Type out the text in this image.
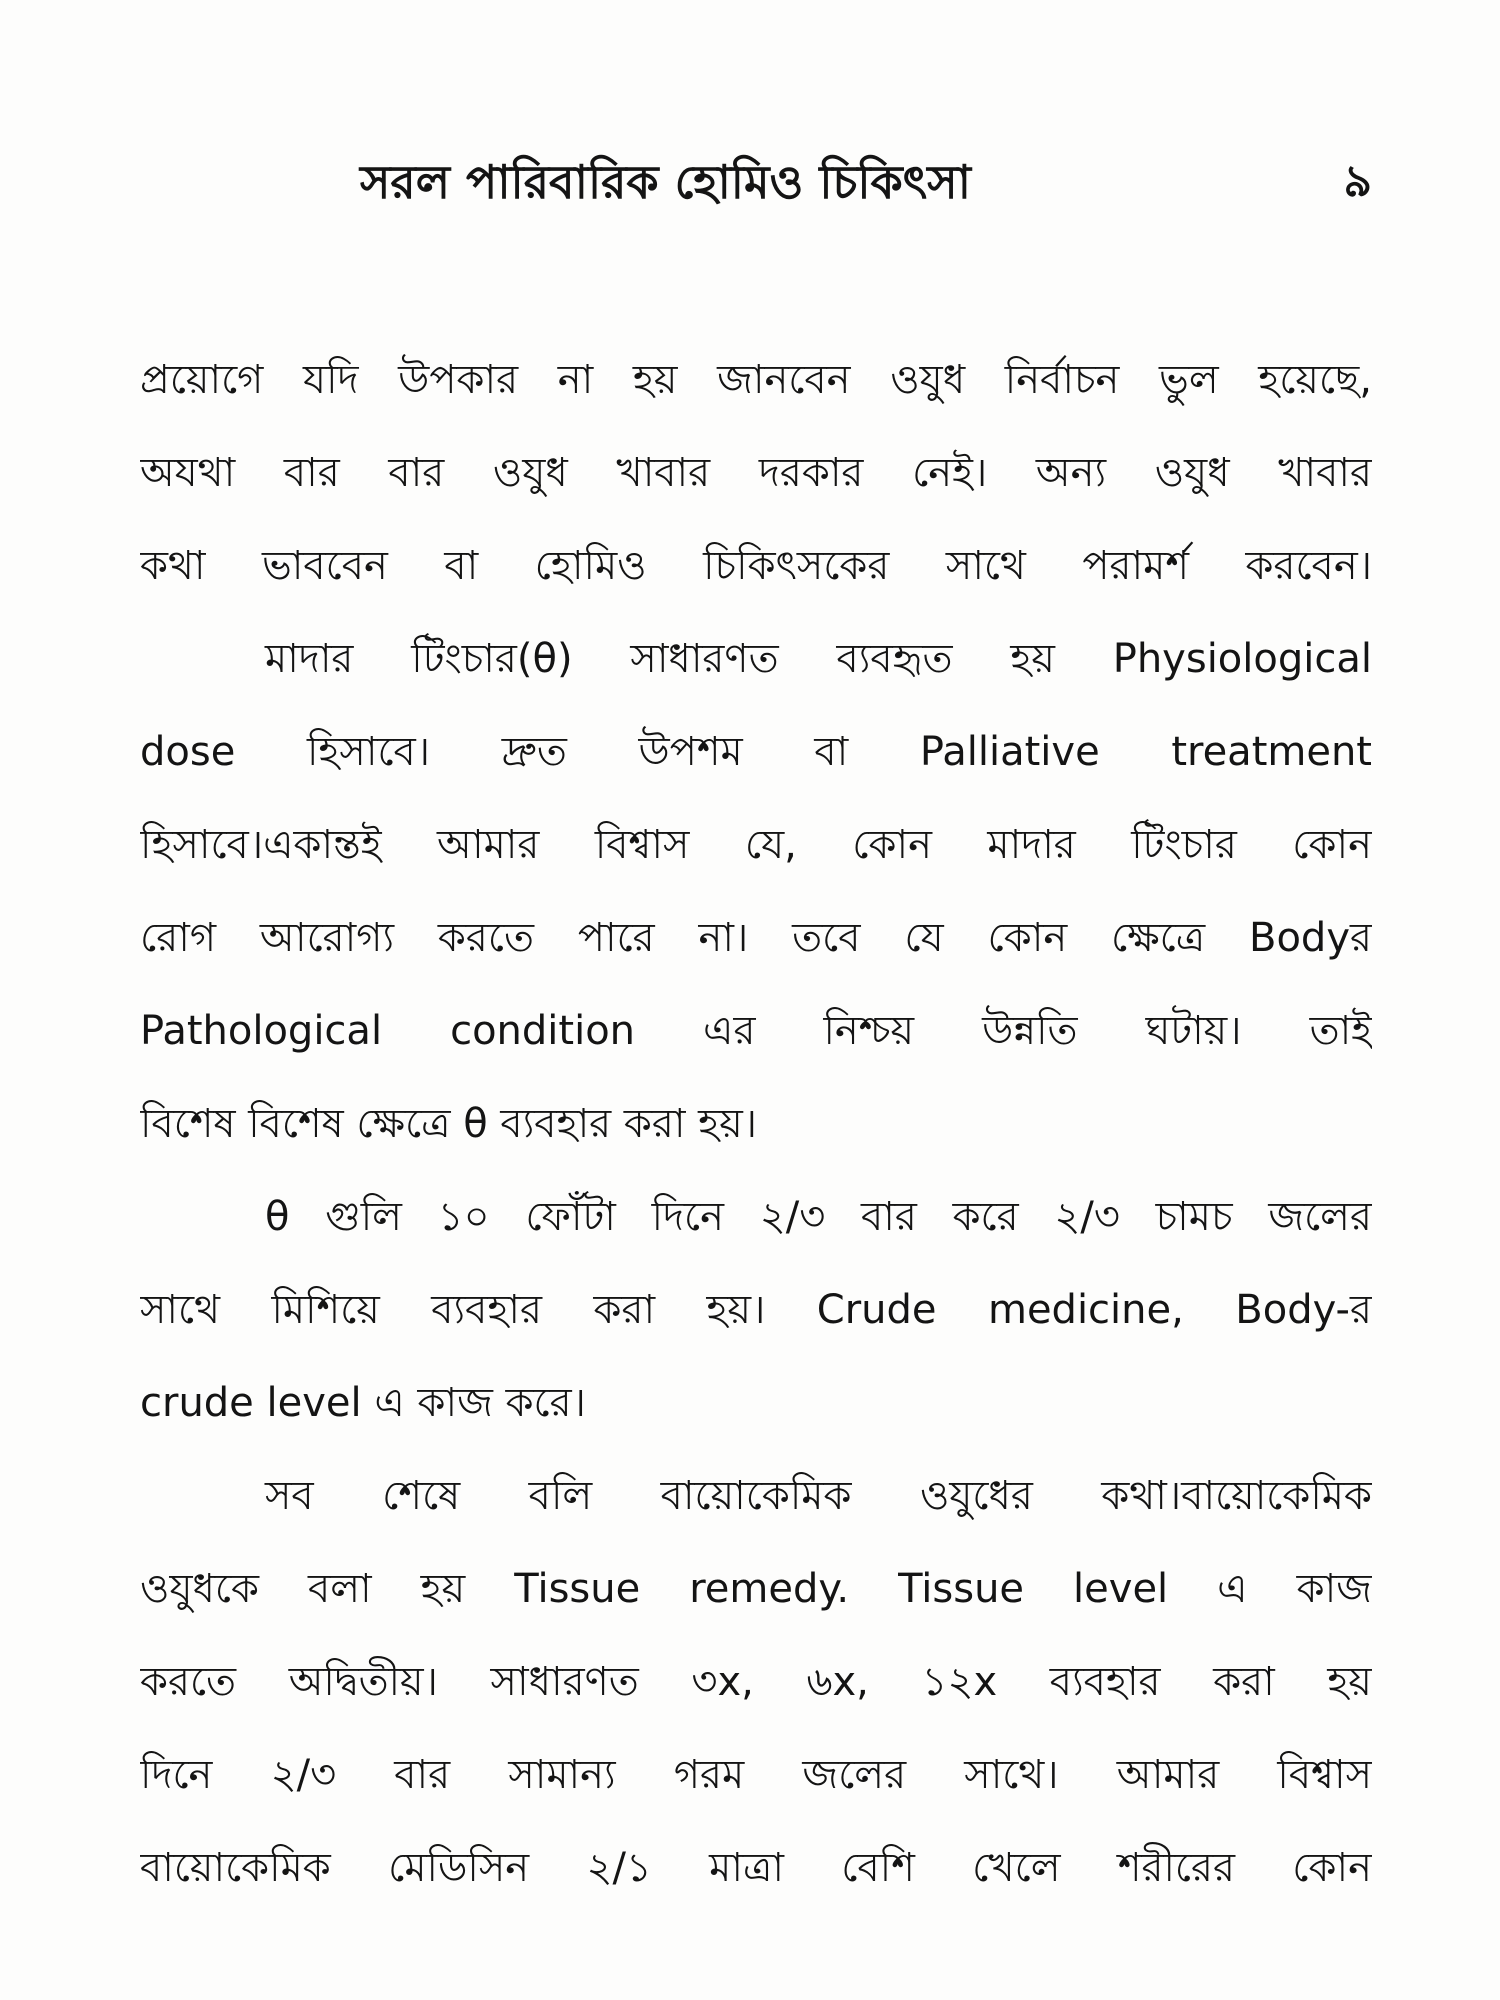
সরল পারিবারিক হোমিও চিকিৎসা	৯
প্রয়োগে যদি উপকার না হয় জানবেন ওযুধ নির্বাচন ভুল হয়েছে,
অযথা বার বার ওযুধ খাবার দরকার নেই। অন্য ওযুধ খাবার
কথা ভাববেন বা হোমিও চিকিৎসকের সাথে পরামর্শ করবেন।
মাদার টিংচার(θ) সাধারণত ব্যবহৃত হয় Physiological
dose হিসাবে। দ্রুত উপশম বা Palliative treatment
হিসাবে।একান্তই আমার বিশ্বাস যে, কোন মাদার টিংচার কোন
রোগ আরোগ্য করতে পারে না। তবে যে কোন ক্ষেত্রে Bodyর
Pathological condition এর নিশ্চয় উন্নতি ঘটায়। তাই
বিশেষ বিশেষ ক্ষেত্রে θ ব্যবহার করা হয়।
θ গুলি ১০ ফোঁটা দিনে ২/৩ বার করে ২/৩ চামচ জলের
সাথে মিশিয়ে ব্যবহার করা হয়। Crude medicine, Body-র
crude level এ কাজ করে।
সব শেষে বলি বায়োকেমিক ওযুধের কথা।বায়োকেমিক
ওযুধকে বলা হয় Tissue remedy. Tissue level এ কাজ
করতে অদ্বিতীয়। সাধারণত ৩x, ৬x, ১২x ব্যবহার করা হয়
দিনে ২/৩ বার সামান্য গরম জলের সাথে। আমার বিশ্বাস
বায়োকেমিক মেডিসিন ২/১ মাত্রা বেশি খেলে শরীরের কোন
